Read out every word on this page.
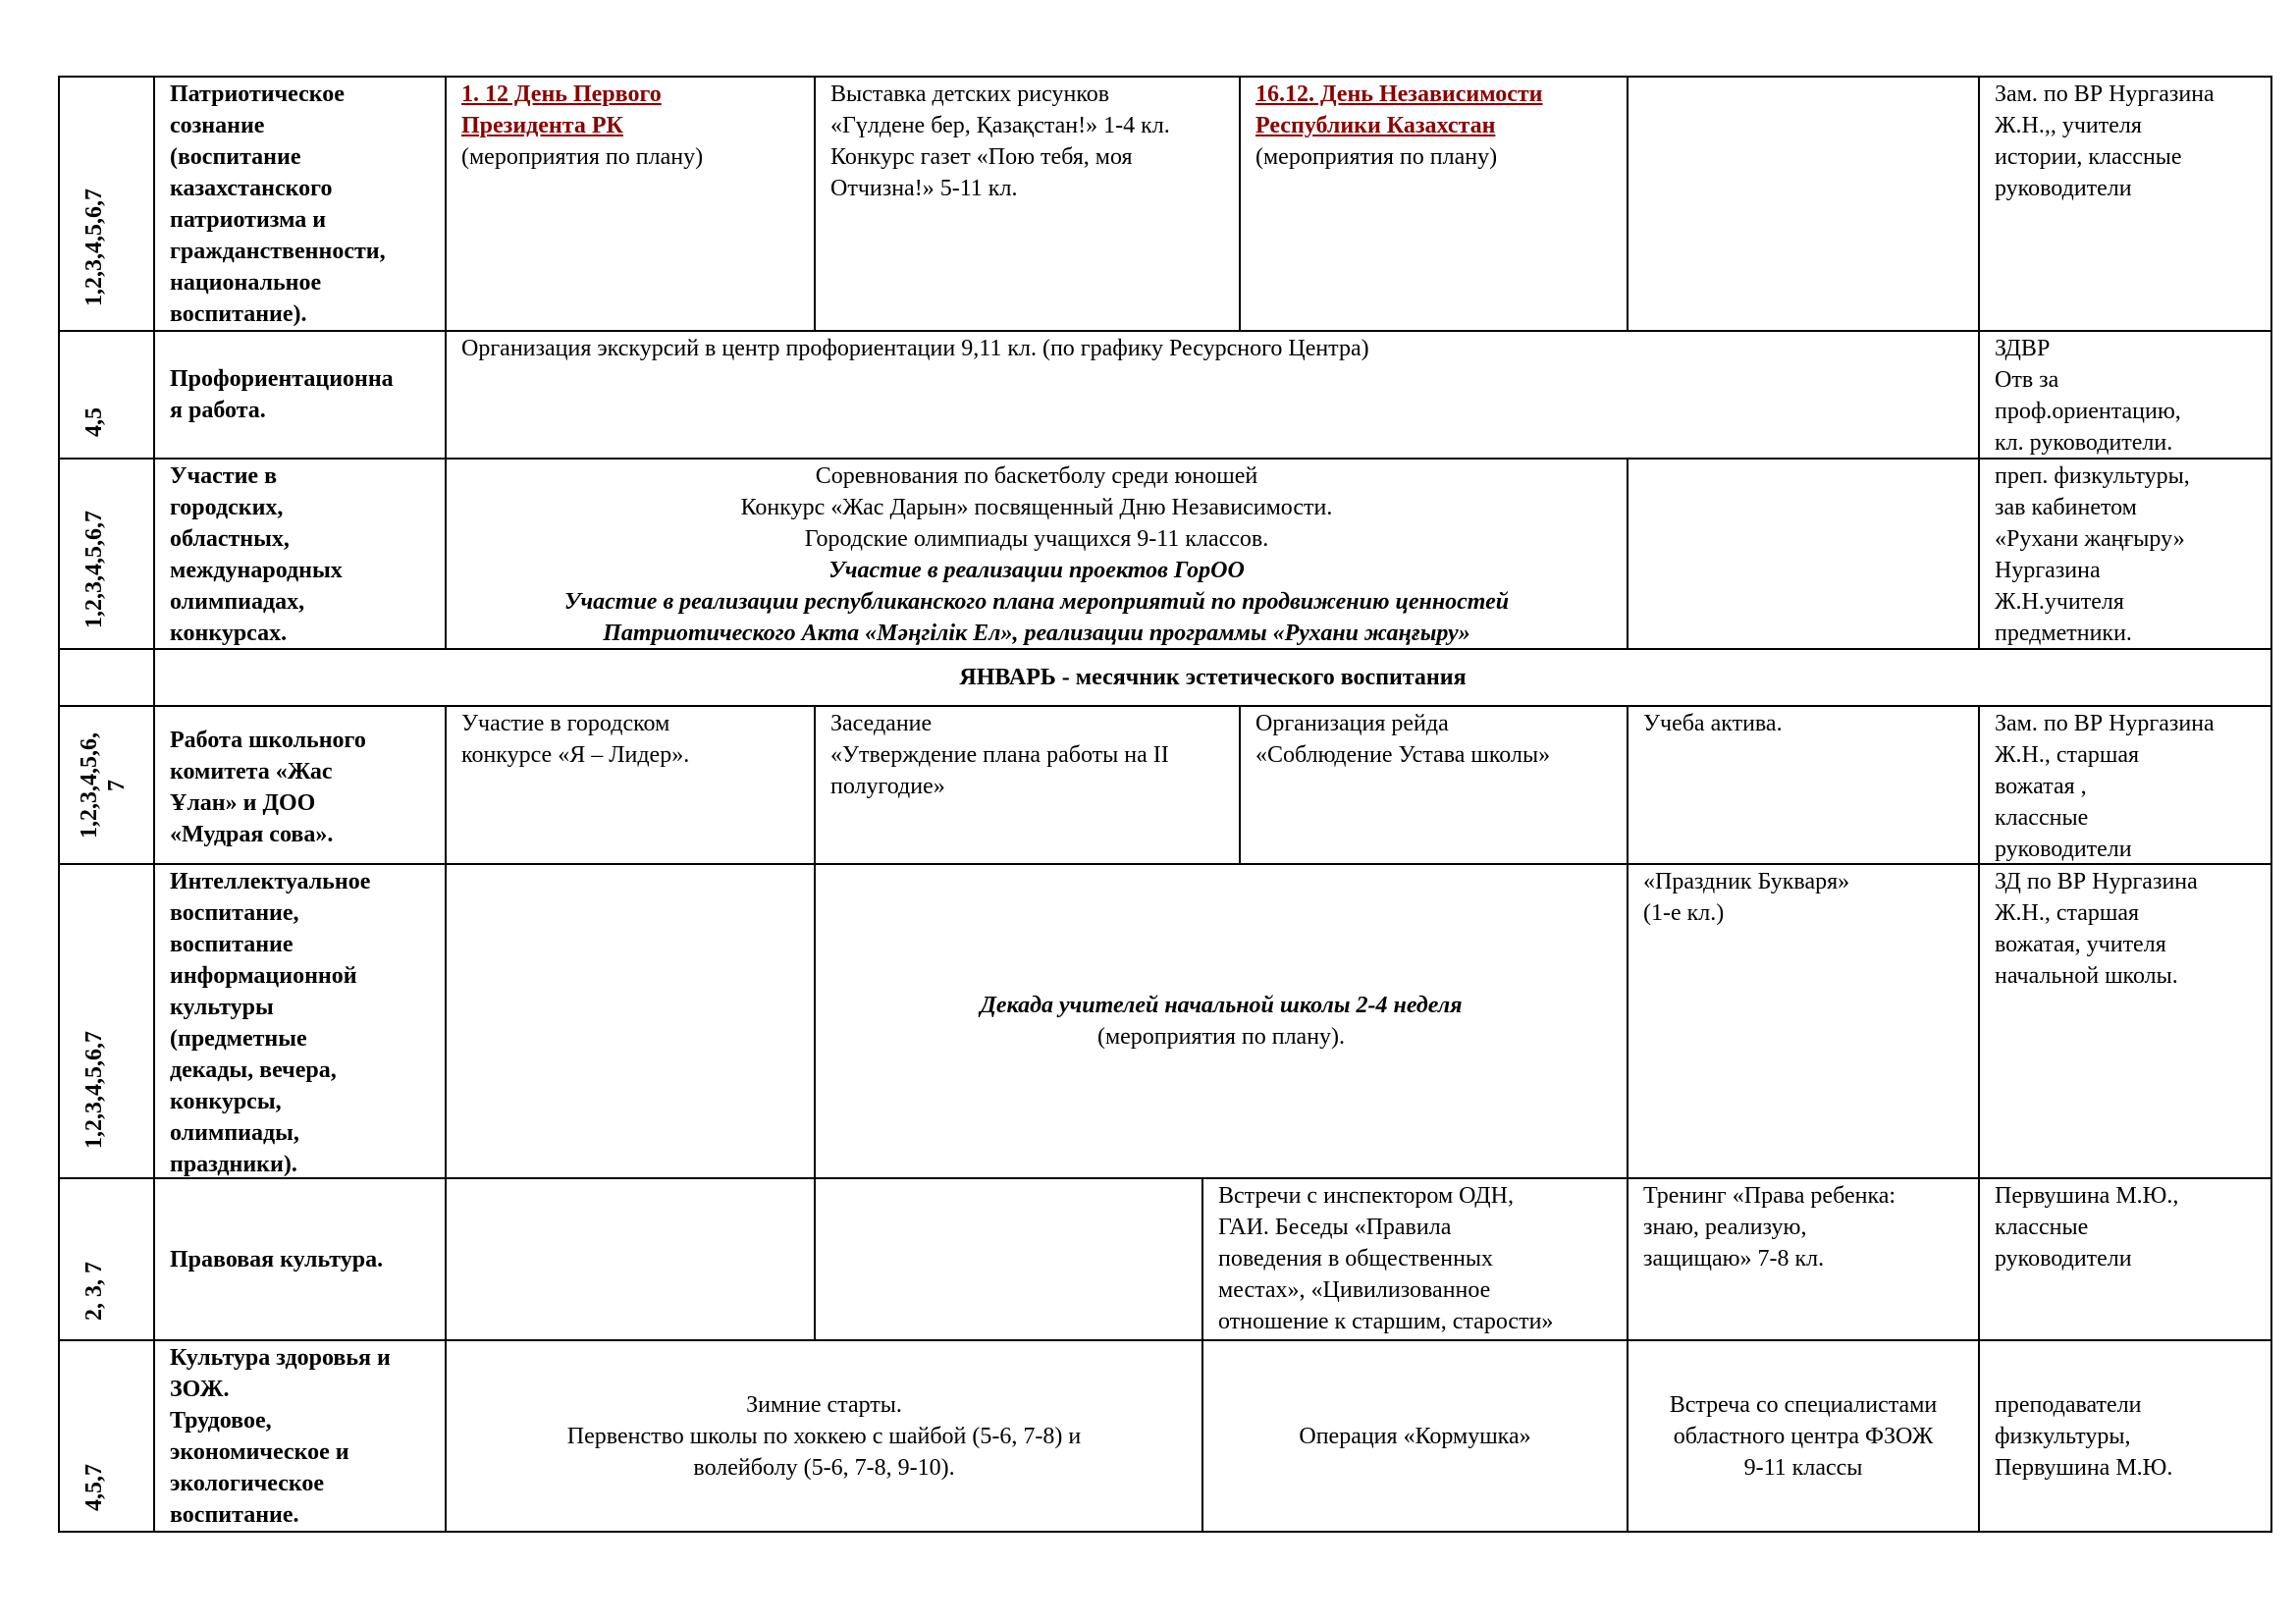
1,2,3,4,5,6,7
Патриотическое
сознание
(воспитание
казахстанского
патриотизма и
гражданственности,
национальное
воспитание).
1. 12 День Первого
Президента РК
(мероприятия по плану)
Выставка детских рисунков
«Гүлдене бер, Қазақстан!» 1-4 кл.
Конкурс газет «Пою тебя, моя
Отчизна!» 5-11 кл.
16.12. День Независимости
Республики Казахстан
(мероприятия по плану)
Зам. по ВР Нургазина
Ж.Н.,, учителя
истории, классные
руководители
4,5
Профориентационна
я работа.
Организация экскурсий в центр профориентации 9,11 кл. (по графику Ресурсного Центра)	ЗДВР
Отв за
проф.ориентацию,
кл. руководители.
1,2,3,4,5,6,7
Участие в
городских,
областных,
международных
олимпиадах,
конкурсах.
Соревнования по баскетболу среди юношей
Конкурс «Жас Дарын» посвященный Дню Независимости.
Городские олимпиады учащихся 9-11 классов.
Участие в реализации проектов ГорОО
Участие в реализации республиканского плана мероприятий по продвижению ценностей
Патриотического Акта «Мәңгілік Ел», реализации программы «Рухани жаңғыру»
преп. физкультуры,
зав кабинетом
«Рухани жаңғыру»
Нургазина
Ж.Н.учителя
предметники.
ЯНВАРЬ - месячник эстетического воспитания
1,2,3,4,5,6, 7
Работа школьного
комитета «Жас
Ұлан» и ДОО
«Мудрая сова».
Участие в городском
конкурсе «Я – Лидер».
Заседание
«Утверждение плана работы на II
полугодие»
Организация рейда
«Соблюдение Устава школы»
Учеба актива.	Зам. по ВР Нургазина
Ж.Н., старшая
вожатая ,
классные
руководители
1,2,3,4,5,6,7
Интеллектуальное
воспитание,
воспитание
информационной
культуры
(предметные
декады, вечера,
конкурсы,
олимпиады,
праздники).
Декада учителей начальной школы 2-4 неделя
(мероприятия по плану).
«Праздник Букваря»
(1-е кл.)
ЗД по ВР Нургазина
Ж.Н., старшая
вожатая, учителя
начальной школы.
2, 3, 7
Правовая культура.
Встречи с инспектором ОДН,
ГАИ. Беседы «Правила
поведения в общественных
местах», «Цивилизованное
отношение к старшим, старости»
Тренинг «Права ребенка:
знаю, реализую,
защищаю» 7-8 кл.
Первушина М.Ю.,
классные
руководители
4,5,7
Культура здоровья и
ЗОЖ.
Трудовое,
экономическое и
экологическое
воспитание.
Зимние старты.
Первенство школы по хоккею с шайбой (5-6, 7-8) и
волейболу (5-6, 7-8, 9-10).
Операция «Кормушка»
Встреча со специалистами
областного центра ФЗОЖ
9-11 классы
преподаватели
физкультуры,
Первушина М.Ю.
